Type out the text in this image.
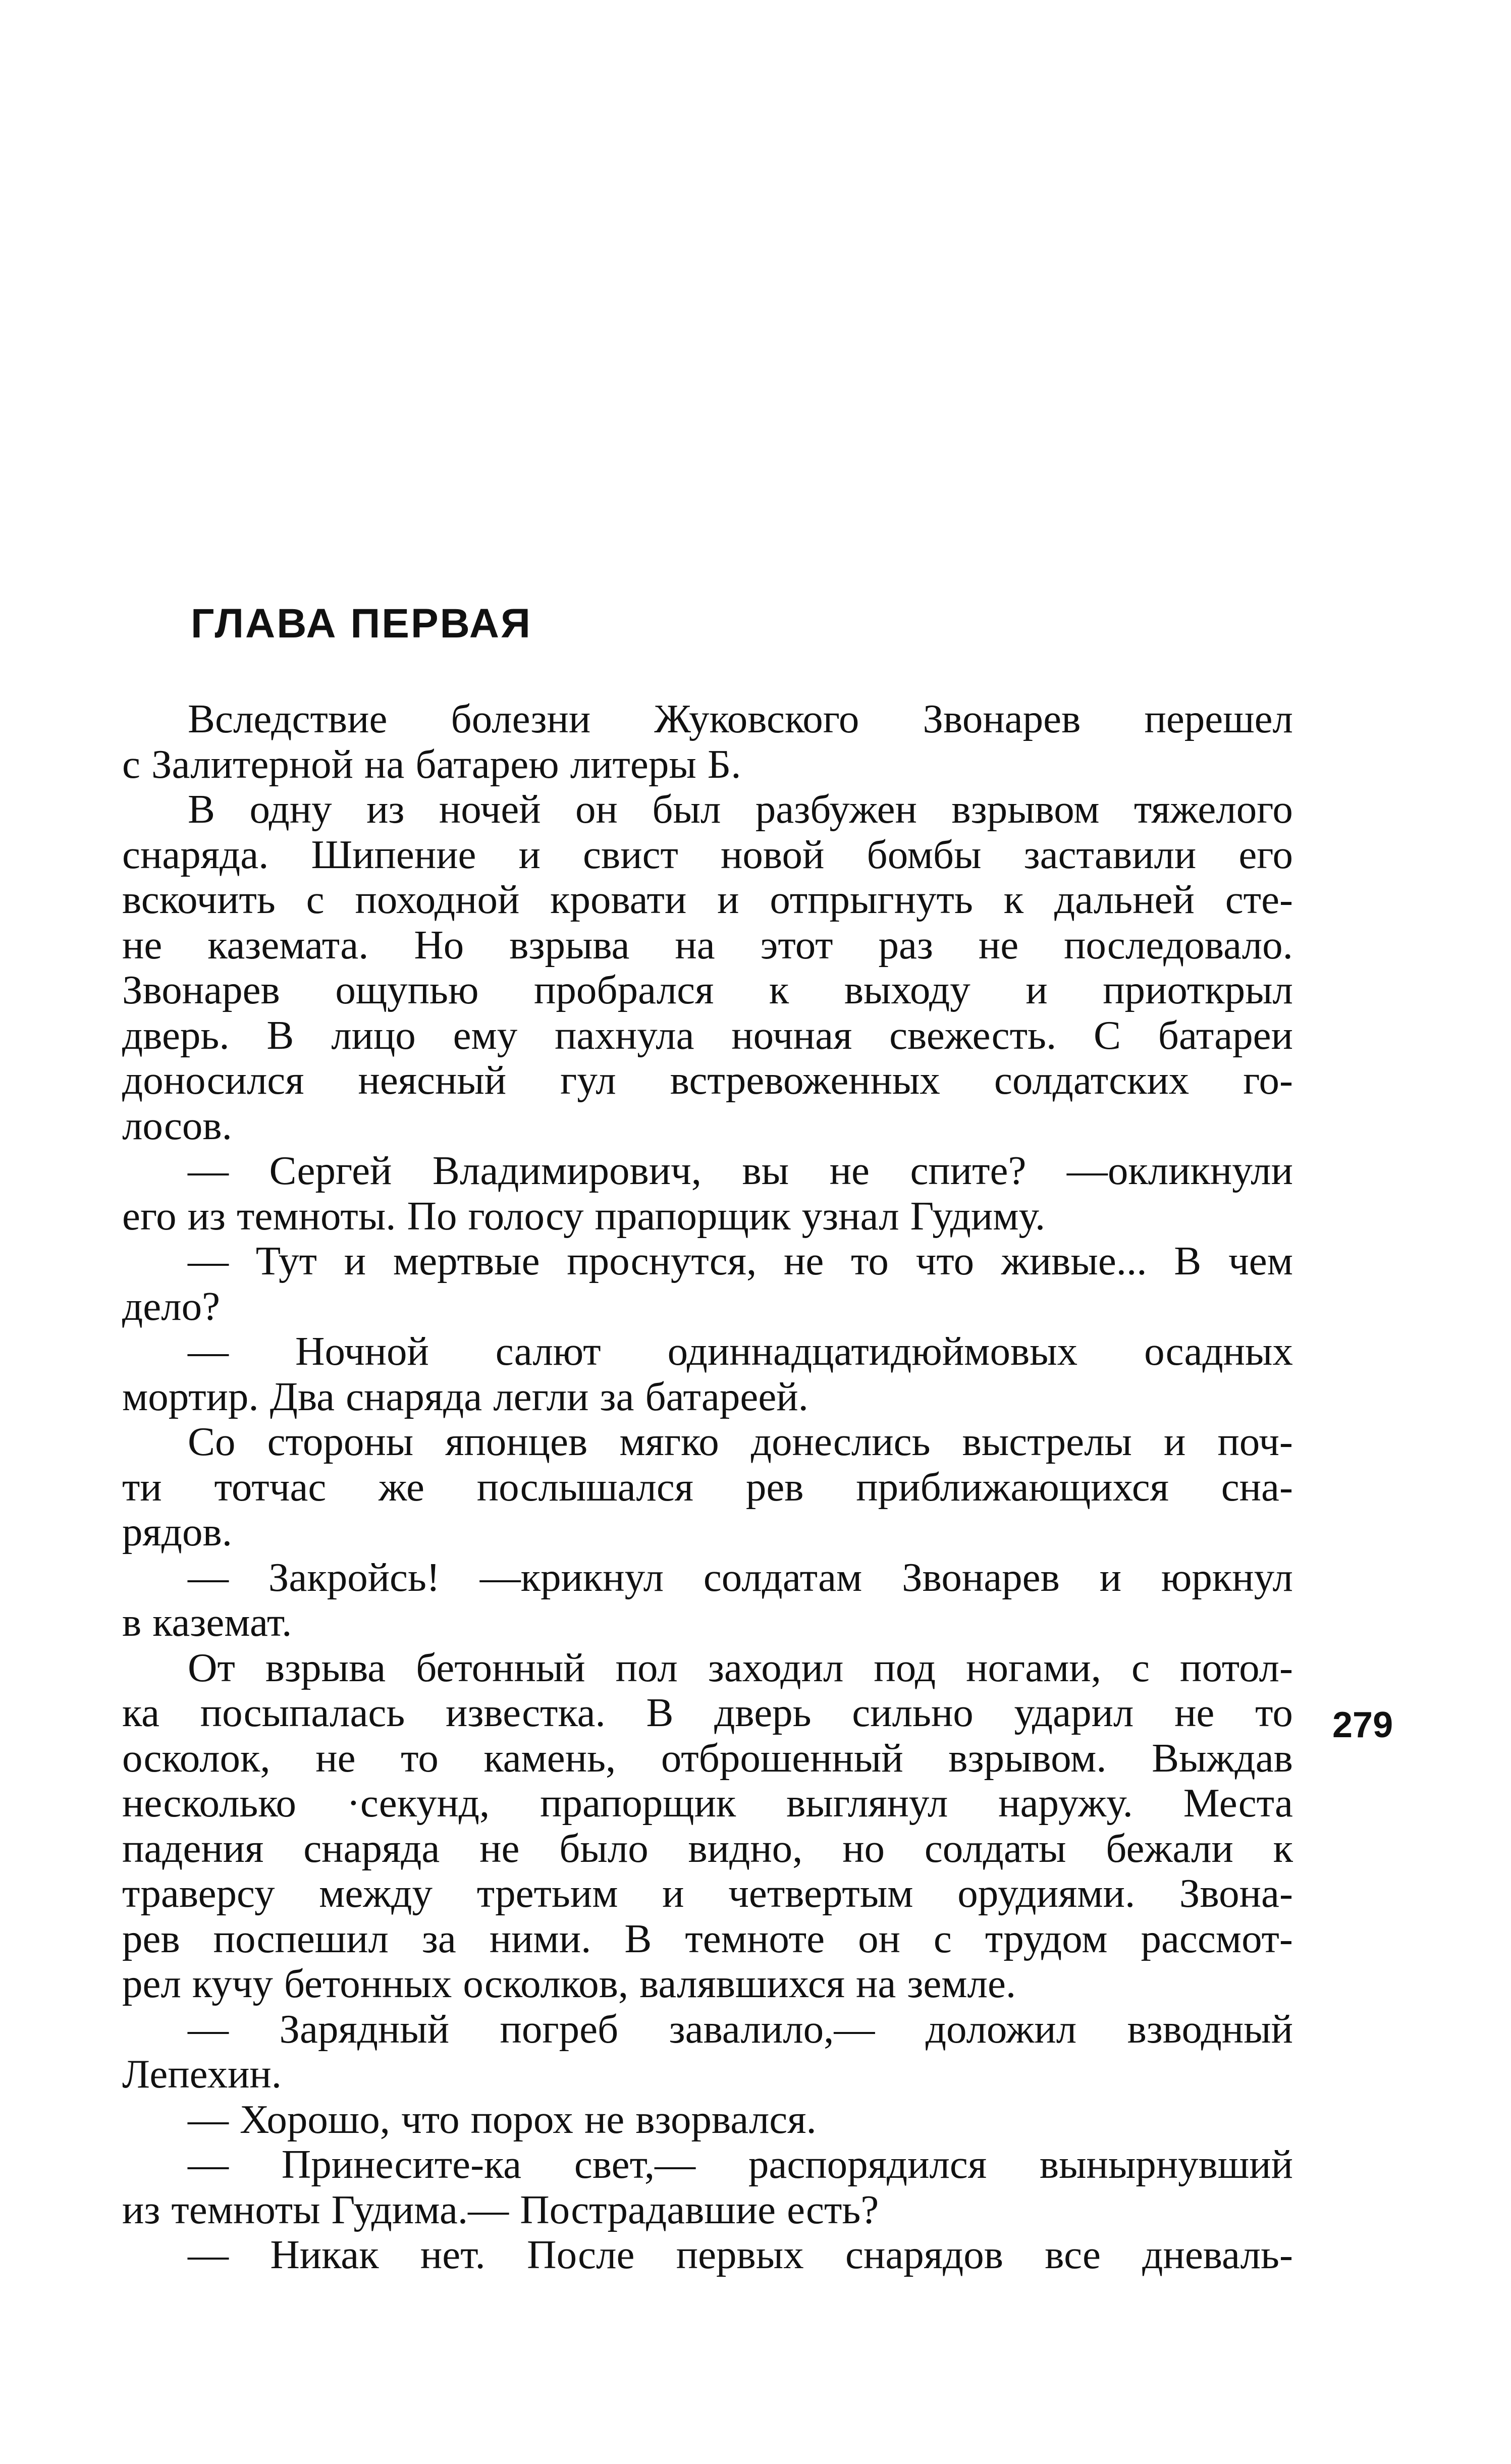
ГЛАВА ПЕРВАЯ
Вследствие болезни Жуковского Звонарев перешел
с Залитерной на батарею литеры Б.
В одну из ночей он был разбужен взрывом тяжелого
снаряда. Шипение и свист новой бомбы заставили его
вскочить с походной кровати и отпрыгнуть к дальней сте-
не каземата. Но взрыва на этот раз не последовало.
Звонарев ощупью пробрался к выходу и приоткрыл
дверь. В лицо ему пахнула ночная свежесть. С батареи
доносился неясный гул встревоженных солдатских го-
лосов.
— Сергей Владимирович, вы не спите? —окликнули
его из темноты. По голосу прапорщик узнал Гудиму.
— Тут и мертвые проснутся, не то что живые... В чем
дело?
— Ночной салют одиннадцатидюймовых осадных
мортир. Два снаряда легли за батареей.
Со стороны японцев мягко донеслись выстрелы и поч-
ти тотчас же послышался рев приближающихся сна-
рядов.
— Закройсь! —крикнул солдатам Звонарев и юркнул
в каземат.
От взрыва бетонный пол заходил под ногами, с потол-
ка посыпалась известка. В дверь сильно ударил не то
осколок, не то камень, отброшенный взрывом. Выждав
несколько ·секунд, прапорщик выглянул наружу. Места
падения снаряда не было видно, но солдаты бежали к
траверсу между третьим и четвертым орудиями. Звона-
рев поспешил за ними. В темноте он с трудом рассмот-
рел кучу бетонных осколков, валявшихся на земле.
— Зарядный погреб завалило,— доложил взводный
Лепехин.
— Хорошо, что порох не взорвался.
— Принесите-ка свет,— распорядился вынырнувший
из темноты Гудима.— Пострадавшие есть?
— Никак нет. После первых снарядов все дневаль-
279
